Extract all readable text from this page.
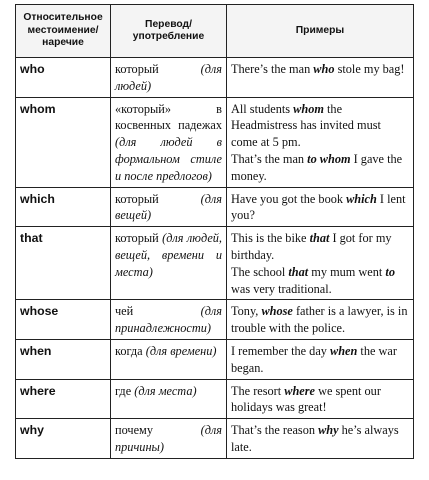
Относительное местоимение/ наречие	Перевод/ употребление	Примеры
who	который (для людей)	There’s the man who stole my bag!

whom	«который» в косвенных падежах (для людей в формальном стиле и после предлогов)	All students whom the Headmistress has invited must come at 5 pm.
That’s the man to whom I gave the money.

which	который (для вещей)	Have you got the book which I lent you?

that	который (для людей, вещей, времени и места)	This is the bike that I got for my birthday.
The school that my mum went to was very traditional.

whose	чей (для принадлежности)	Tony, whose father is a lawyer, is in trouble with the police.

when	когда (для времени)	I remember the day when the war began.

where	где (для места)	The resort where we spent our holidays was great!

why	почему (для причины)	That’s the reason why he’s always late.
